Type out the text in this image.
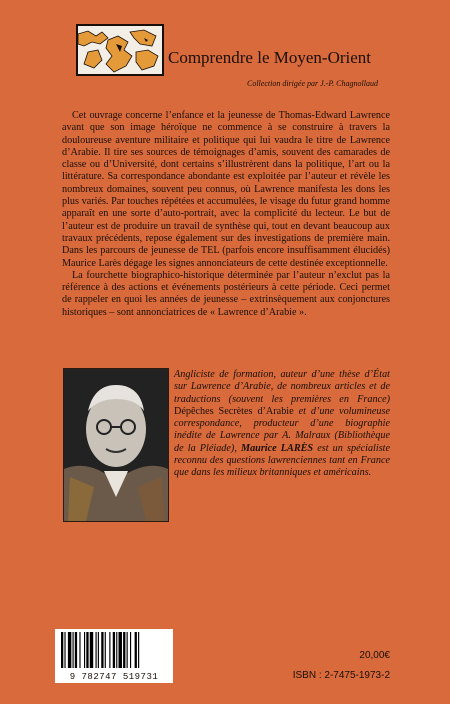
Comprendre le Moyen-Orient
Collection dirigée par J.-P. Chagnollaud

Cet ouvrage concerne l’enfance et la jeunesse de Thomas-Edward Lawrence avant que son image héroïque ne commence à se construire à travers la douloureuse aventure militaire et politique qui lui vaudra le titre de Lawrence d’Arabie. Il tire ses sources de témoignages d’amis, souvent des camarades de classe ou d’Université, dont certains s’illustrèrent dans la politique, l’art ou la littérature. Sa correspondance abondante est exploitée par l’auteur et révèle les nombreux domaines, souvent peu connus, où Lawrence manifesta les dons les plus variés. Par touches répétées et accumulées, le visage du futur grand homme apparaît en une sorte d’auto-portrait, avec la complicité du lecteur. Le but de l’auteur est de produire un travail de synthèse qui, tout en devant beaucoup aux travaux précédents, repose également sur des investigations de première main. Dans les parcours de jeunesse de TEL (parfois encore insuffisamment élucidés) Maurice Larès dégage les signes annonciateurs de cette destinée exceptionnelle.

La fourchette biographico-historique déterminée par l’auteur n’exclut pas la référence à des actions et événements postérieurs à cette période. Ceci permet de rappeler en quoi les années de jeunesse – extrinsèquement aux conjonctures historiques – sont annonciatrices de « Lawrence d’Arabie ».

Angliciste de formation, auteur d’une thèse d’État sur Lawrence d’Arabie, de nombreux articles et de traductions (souvent les premières en France) Dépêches Secrètes d’Arabie et d’une volumineuse correspondance, producteur d’une biographie inédite de Lawrence par A. Malraux (Bibliothèque de la Pléiade), Maurice LARÈS est un spécialiste reconnu des questions lawrenciennes tant en France que dans les milieux britanniques et américains.

9 782747 519731
20,00€
ISBN : 2-7475-1973-2
